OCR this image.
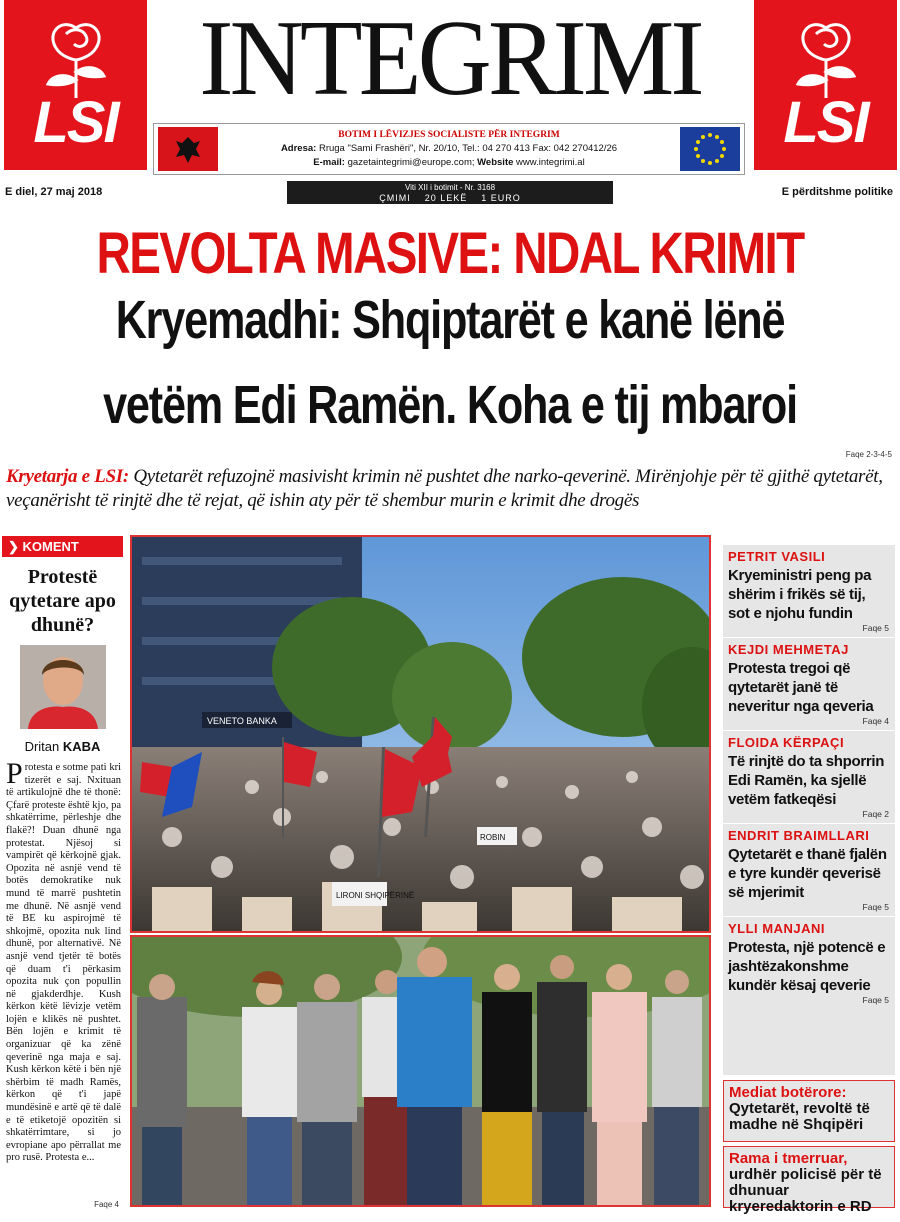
LSI	LSI
INTEGRIMI
BOTIM I LËVIZJES SOCIALISTE PËR INTEGRIM
Adresa: Rruga "Sami Frashëri", Nr. 20/10, Tel.: 04 270 413 Fax: 042 270412/26
E-mail: gazetaintegrimi@europe.com; Website www.integrimi.al
E diel, 27 maj 2018	Viti XII i botimit - Nr. 3168
ÇMIMI 20 LEKË 1 EURO	E përditshme politike
REVOLTA MASIVE: NDAL KRIMIT
Kryemadhi: Shqiptarët e kanë lënë
vetëm Edi Ramën. Koha e tij mbaroi
Faqe 2-3-4-5
Kryetarja e LSI: Qytetarët refuzojnë masivisht krimin në pushtet dhe narko-qeverinë. Mirënjohje për të gjithë qytetarët, veçanërisht të rinjtë dhe të rejat, që ishin aty për të shembur murin e krimit dhe drogës
❯ KOMENT
Protestë qytetare apo dhunë?
Dritan KABA
Protesta e sotme pati kri tizerët e saj. Nxituan të artikulojnë dhe të thonë: Çfarë proteste është kjo, pa shkatërrime, përleshje dhe flakë?! Duan dhunë nga protestat. Njësoj si vampirët që kërkojnë gjak. Opozita në asnjë vend të botës demokratike nuk mund të marrë pushtetin me dhunë. Në asnjë vend të BE ku aspirojmë të shkojmë, opozita nuk lind dhunë, por alternativë. Në asnjë vend tjetër të botës që duam t'i përkasim opozita nuk çon popullin në gjakderdhje. Kush kërkon këtë lëvizje vetëm lojën e klikës në pushtet. Bën lojën e krimit të organizuar që ka zënë qeverinë nga maja e saj. Kush kërkon këtë i bën një shërbim të madh Ramës, kërkon që t'i japë mundësinë e artë që të dalë e të etiketojë opozitën si shkatërrimtare, si jo evropiane apo përrallat me pro rusë. Protesta e...
Faqe 4
VENETO BANKA
LIRONI SHQIPËRINË
ROBIN
PETRIT VASILI
Kryeministri peng pa shërim i frikës së tij, sot e njohu fundin
Faqe 5
KEJDI MEHMETAJ
Protesta tregoi që qytetarët janë të neveritur nga qeveria
Faqe 4
FLOIDA KËRPAÇI
Të rinjtë do ta shporrin Edi Ramën, ka sjellë vetëm fatkeqësi
Faqe 2
ENDRIT BRAIMLLARI
Qytetarët e thanë fjalën e tyre kundër qeverisë së mjerimit
Faqe 5
YLLI MANJANI
Protesta, një potencë e jashtëzakonshme kundër kësaj qeverie
Faqe 5
Mediat botërore:
Qytetarët, revoltë të madhe në Shqipëri
Rama i tmerruar, urdhër policisë për të dhunuar kryeredaktorin e RD
